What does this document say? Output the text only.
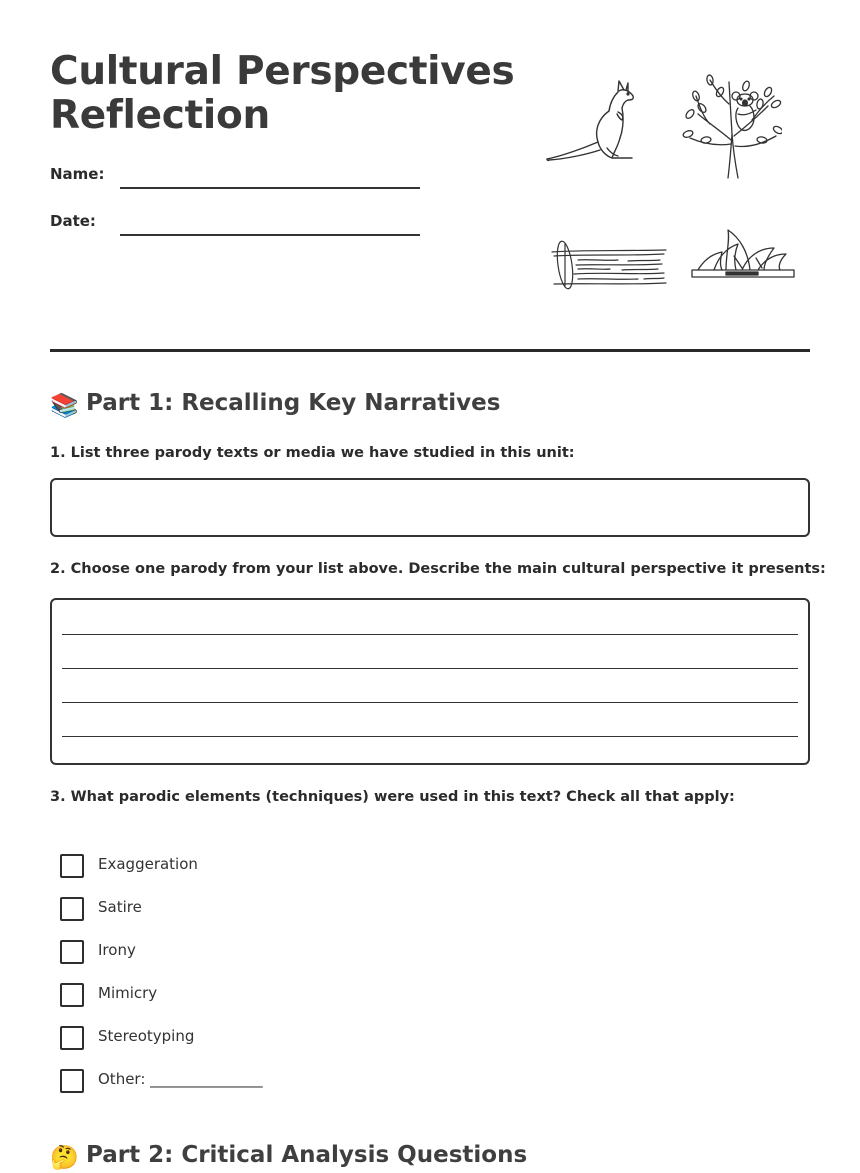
Cultural Perspectives
Reflection
Name:
Date:
📚 Part 1: Recalling Key Narratives

1. List three parody texts or media we have studied in this unit:

2. Choose one parody from your list above. Describe the main cultural perspective it presents:

3. What parodic elements (techniques) were used in this text? Check all that apply:

Exaggeration
Satire
Irony
Mimicry
Stereotyping
Other: _______________
🤔 Part 2: Critical Analysis Questions
